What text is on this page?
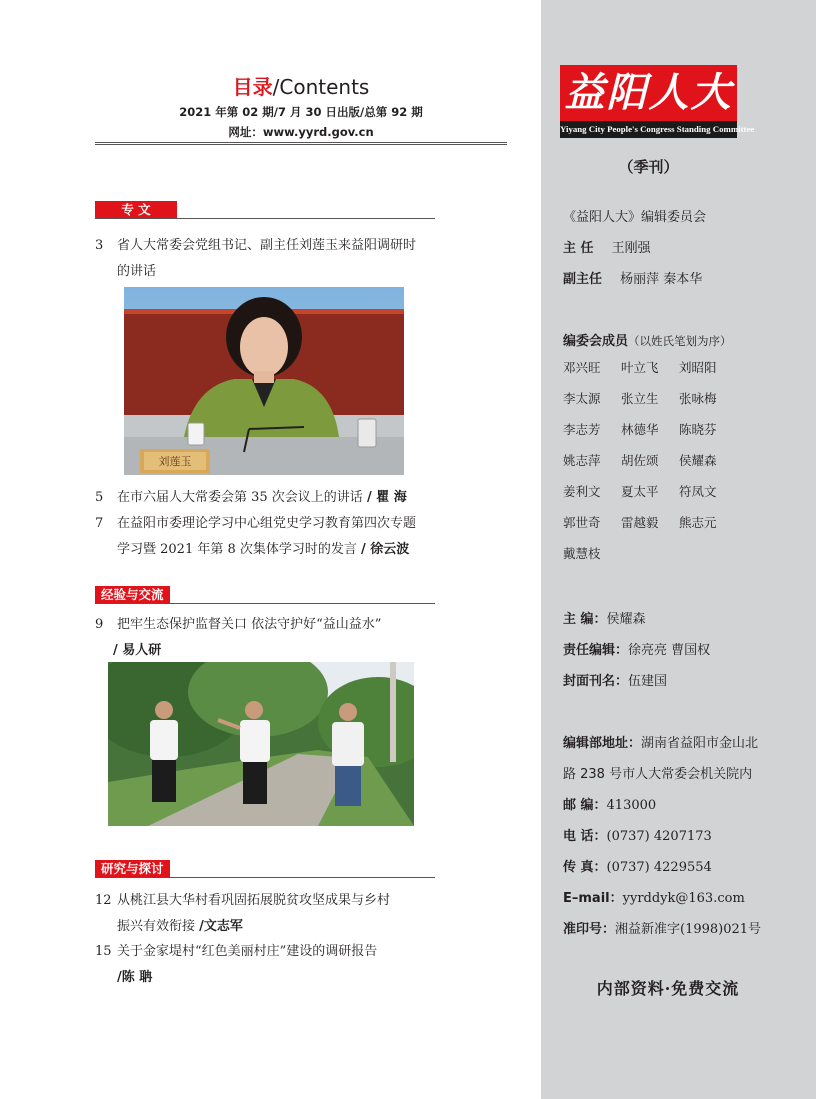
目录/Contents
2021 年第 02 期/7 月 30 日出版/总第 92 期
网址：www.yyrd.gov.cn
专 文
3 省人大常委会党组书记、副主任刘莲玉来益阳调研时
的讲话
刘莲玉
5 在市六届人大常委会第 35 次会议上的讲话 / 瞿 海
7 在益阳市委理论学习中心组党史学习教育第四次专题
学习暨 2021 年第 8 次集体学习时的发言 / 徐云波
经验与交流
9 把牢生态保护监督关口 依法守护好“益山益水”
/ 易人研
研究与探讨
12 从桃江县大华村看巩固拓展脱贫攻坚成果与乡村
振兴有效衔接 /文志军
15 关于金家堤村“红色美丽村庄”建设的调研报告
/陈 聃
益阳人大
Yiyang City People's Congress Standing Committee
（季刊）
《益阳人大》编辑委员会
主 任 王刚强
副主任 杨丽萍 秦本华
编委会成员（以姓氏笔划为序）
邓兴旺 叶立飞 刘昭阳
李太源 张立生 张咏梅
李志芳 林德华 陈晓芬
姚志萍 胡佐颂 侯耀森
姜利文 夏太平 符凤文
郭世奇 雷越毅 熊志元
戴慧枝
主 编：侯耀森
责任编辑：徐亮亮 曹国权
封面刊名：伍建国
编辑部地址：湖南省益阳市金山北
路 238 号市人大常委会机关院内
邮 编：413000
电 话：(0737) 4207173
传 真：(0737) 4229554
E–mail：yyrddyk@163.com
准印号：湘益新准字(1998)021号
内部资料·免费交流
